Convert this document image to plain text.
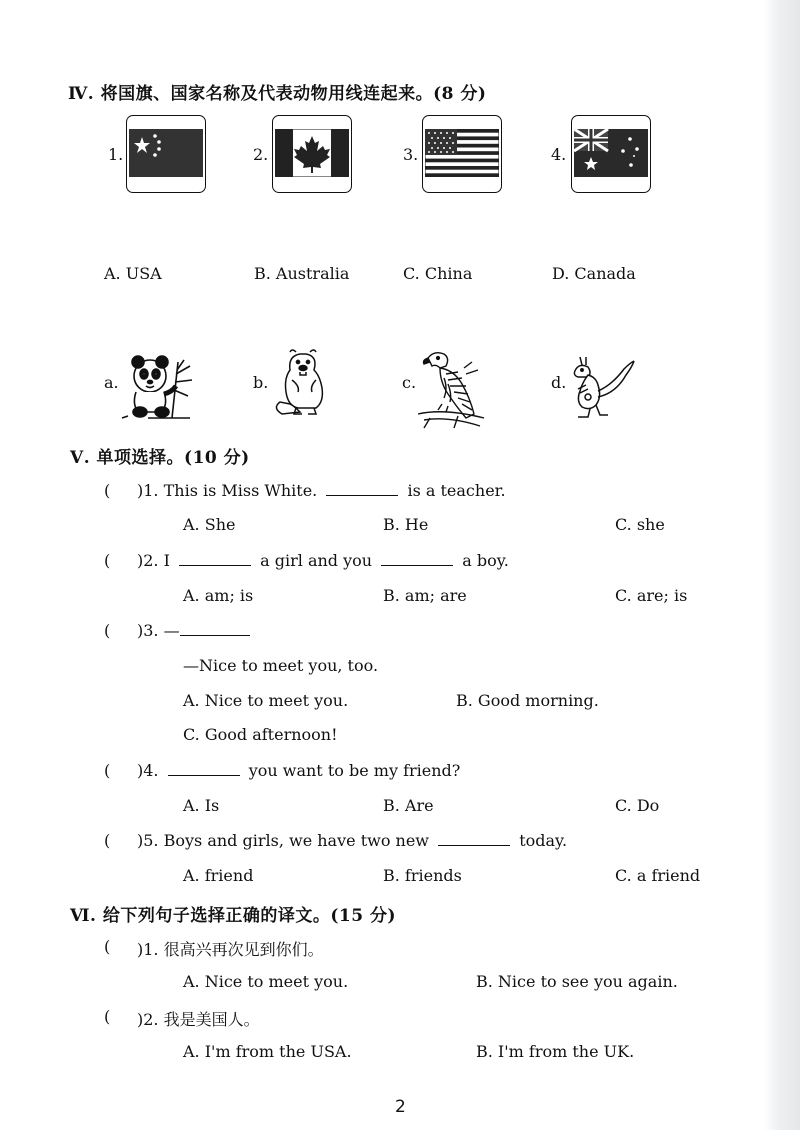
Ⅳ. 将国旗、国家名称及代表动物用线连起来。(8 分)
1.	2.	3.	4.
A. USA	B. Australia	C. China	D. Canada
a.	b.	c.	d.
Ⅴ. 单项选择。(10 分)
( )1. This is Miss White.	is a teacher.
A. She	B. He	C. she
( )2. I	a girl and you	a boy.
A. am; is	B. am; are	C. are; is
( )3. —
—Nice to meet you, too.
A. Nice to meet you.	B. Good morning.
C. Good afternoon!
( )4.	you want to be my friend?
A. Is	B. Are	C. Do
( )5. Boys and girls, we have two new	today.
A. friend	B. friends	C. a friend
Ⅵ. 给下列句子选择正确的译文。(15 分)
( )1. 很高兴再次见到你们。
A. Nice to meet you.	B. Nice to see you again.
( )2. 我是美国人。
A. I'm from the USA.	B. I'm from the UK.
2
